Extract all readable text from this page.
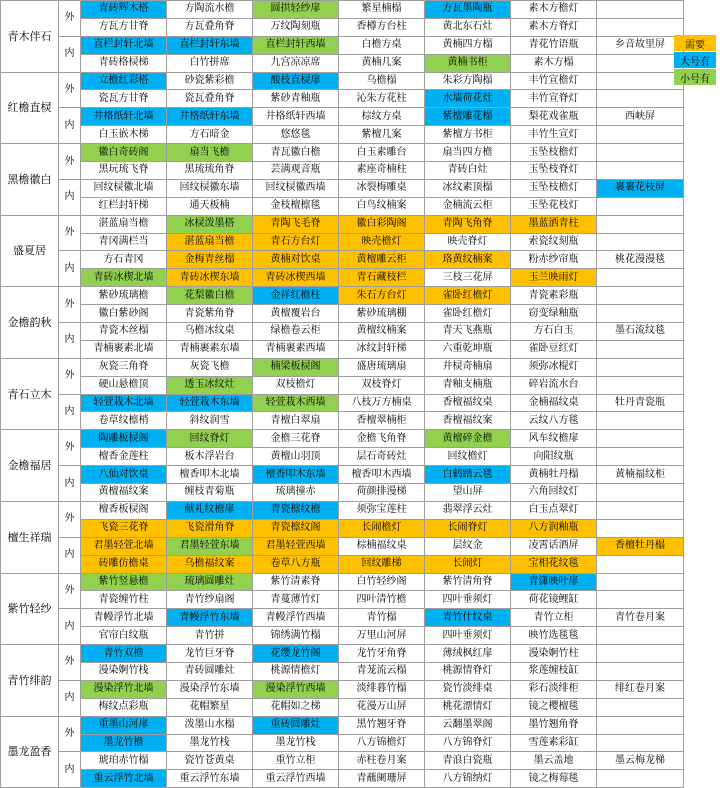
青木伴石	外	青砖辉木榙	方陶流水檐	圆拱轻纱扉	繁星楠榻	方瓦墨陶瓶	素木方檐灯	
		方瓦方甘脊	方瓦叠角脊	万纹陶刻瓶	香樽方台柱	黄北东石灶	素木方脊灯	
	内	直栏封轩北墙	直栏封轩东墙	直栏封轩西墙	白檐方桌	黄楠四方榻	青花竹语瓶	乡音故里屏
		青砖格棂梯	白竹拼席	九宫凉凉席	黄楠几案	黄楠书柜	素木方榻	
红檐直棂	外	立檐红彩榙	砂瓷紫彩檐	酸枝直棂扉	乌檐榻	朱彩方陶榻	丰竹宣檐灯	
		瓷瓦方甘脊	瓷瓦叠角脊	紫砂青釉瓶	沁朱方花柱	水墙荷花灶	丰竹宣脊灯	
	内	井格纸轩北墙	井格纸轩东墙	井格纸轩西墙	棕纹方桌	紫檀雕花榻	梨花戏雀瓶	西峡屏
		白玉嵌木梯	方石暗金	悠悠毯	紫檀几案	紫檀方书柜	丰竹生宣灯	
黑檐徽白	外	徽白奇砖阁	扇当飞檐	青瓦徽白檐	白玉素雕台	扇当四方檐	玉坠枝檐灯	
		黑玩琉飞脊	黑琉琉角脊	芸满观音瓶	素座奇楠柱	青砖白灶	玉坠枝脊灯	
	内	回纹棂徽北墙	回纹棂徽东墙	回纹棂徽西墙	冰裂梅雕桌	冰纹素顶榻	玉坠枝檐灯	裹裹花枝屏
		红栏封轩梯	通天板楠	金枝檀檩毯	白鸟纹楠案	金楠流云柜	玉坠花枝灯	
盛夏居	外	湛蓝扇当檐	冰棂泼墨榙	青陶飞毛脊	徽白彩陶阁	青陶飞角脊	墨蓝洒青柱	
		青冈满栏当	湛蓝扇当檐	青石方台灯	映壳檐灯	映壳脊灯	索瓷纹刻瓶	
	内	方石青冈	金梅青丝榻	黄楠对饮桌	黄檀雕云柜	珞黄纹楠案	粉赤纱帘瓶	桃花漫漫毯
		青砖冰楔北墙	青砖冰楔东墙	青砖冰楔西墙	青石藏枝栏	三枝三花屏	玉兰映雨灯	
金檐韵秋	外	紫砂琉璃檐	花梨徽白檐	金祥红檐柱	朱石方台灯	雀卧红檐灯	青瓷素彩瓶	
		徽白紫砂阁	青瓷紫角脊	黄檀覆岩台	紫砂琉璃棚	雀卧红檐灯	窃变绿釉瓶	
	内	青瓷木丝榻	乌檐冰纹桌	绿檐卷云柜	黄檀纹楠案	青天飞燕瓶	方石白玉	墨石流纹毯
		青楠裹素北墙	青楠裹素东墙	青楠裹素西墙	冰纹封轩梯	六重乾坤瓶	雀卧豆红灯	
青石立木	外	灰瓷三角脊	灰瓷飞檐	楠梁板棂阁	盛唐琉璃扇	并棂奇楠扇	须弥冰棍灯	
		硬山悬檐顶	透玉冰纹灶	双枝檐灯	双枝脊灯	青釉支楠瓶	碎岩流水台	
	内	轻萱栽木北墙	轻萱栽木东墙	轻萱栽木西墙	八枝万方楠桌	香檀福纹桌	金楠福纹桌	牡丹青瓷瓶
		卷草纹檩梢	斜纹润雪	青檀白翠扇	香檀翠楠柜	香檀福纹案	云纹八方毯	
金檐福居	外	陶雕板棂阁	回纹脊灯	金檐三花脊	金檐飞角脊	黄檀碎金檐	风车纹檐扉	
		檀香金莲柱	板木浮岩台	黄檀山羽顶	层石奇砖灶	回纹檐灯	向阳纹瓶	
	内	八仙对饮桌	檀香叩木北墙	檀香叩木东墙	檀香叩木西墙	白鹤踏云毯	黄楠牡丹榻	黄楠福纹柜
		黄檀福纹案	缠枝青菊瓶	琉璃撞赤	荷颜排漫梯	望山屏	六角回纹灯	
檀生祥瑞	外	檀香板棂阁	献礼纹檐扉	青瓷檩纹檐	须弥宝莲柱	翡翠浮云灶	白玉点翠灯	
		飞瓷三花脊	飞瓷滑角脊	青瓷檩纹阁	长闹檐灯	长闹脊灯	八方润釉瓶	
	内	君墨轻萱北墙	君墨轻萱东墙	君墨轻萱西墙	棕楠福纹桌	层纹金	凌霄话酒屏	香檀牡丹榻
		砖雕仿檐桌	乌檐福纹案	卷草八方瓶	回纹雕梯	长闹灯	宝相花纹毯	
紫竹轻纱	外	紫竹竖悬檐	琉璃圆雕灶	紫竹清素脊	白竹轻纱阁	紫竹清角脊	青潇映叶扉	
		青瓷缠竹柱	青竹纱扇阁	青蔓薄竹灯	四叶清竹檐	四叶垂须灯	荷花镜鲤缸	
	内	青幔浮竹北墙	青幔浮竹东墙	青幔浮竹西墙	青竹榻	青竹什纹桌	青竹立柜	青竹卷月案
		官帘白纹瓶	青竹拼	锦绣满竹榻	万里山河屏	四叶垂须灯	映竹选毯毯	
青竹绯韵	外	青竹双檐	龙竹巨牙脊	花缨龙竹阁	龙竹牙角脊	薄绒枫红扉	漫染婀竹柱	
		漫染婀竹栈	青砖圆雕灶	桃源情檐灯	青茏流云榻	桃源情脊灯	浆莲缠枝缸	
	内	漫染浮竹北墙	漫染浮竹东墙	漫染浮竹西墙	淡绯暮竹榻	瓷竹淡绯桌	彩石淡绯柜	绯红卷月案
		梅纹点彩瓶	花帽繁星	花帽如之梯	花漫万山屏	桃花漂情灯	镜之樱檀毯	
墨龙盈香	外	重墨山河扉	泼墨山水榻	重砖圆雕灶	黑竹翘牙脊	云翻墨翠阁	墨竹翘角脊	
		墨龙竹檐	墨龙竹栈	墨龙竹栈	八方锦檐灯	八方锦脊灯	雪莲素彩缸	
	内	琥珀赤竹榻	瓷竹苍黄桌	重竹立柜	赤柱卷月案	青浪白瓷瓶	墨云盖地	墨云梅龙梯
		重云浮竹北墙	重云浮竹东墙	重云浮竹西墙	青蘸阑珊屏	八方锦纳灯	镜之梅莓毯	
需要
大号有
小号有
